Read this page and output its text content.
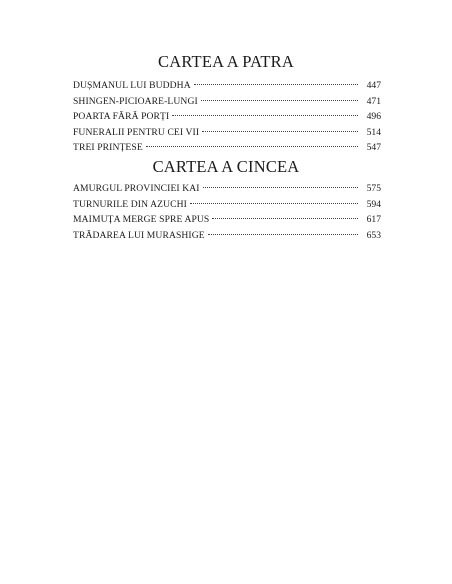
CARTEA A PATRA
DUȘMANUL LUI BUDDHA	447
SHINGEN-PICIOARE-LUNGI	471
POARTA FĂRĂ PORȚI	496
FUNERALII PENTRU CEI VII	514
TREI PRINȚESE	547
CARTEA A CINCEA
AMURGUL PROVINCIEI KAI	575
TURNURILE DIN AZUCHI	594
MAIMUȚA MERGE SPRE APUS	617
TRĂDAREA LUI MURASHIGE	653
